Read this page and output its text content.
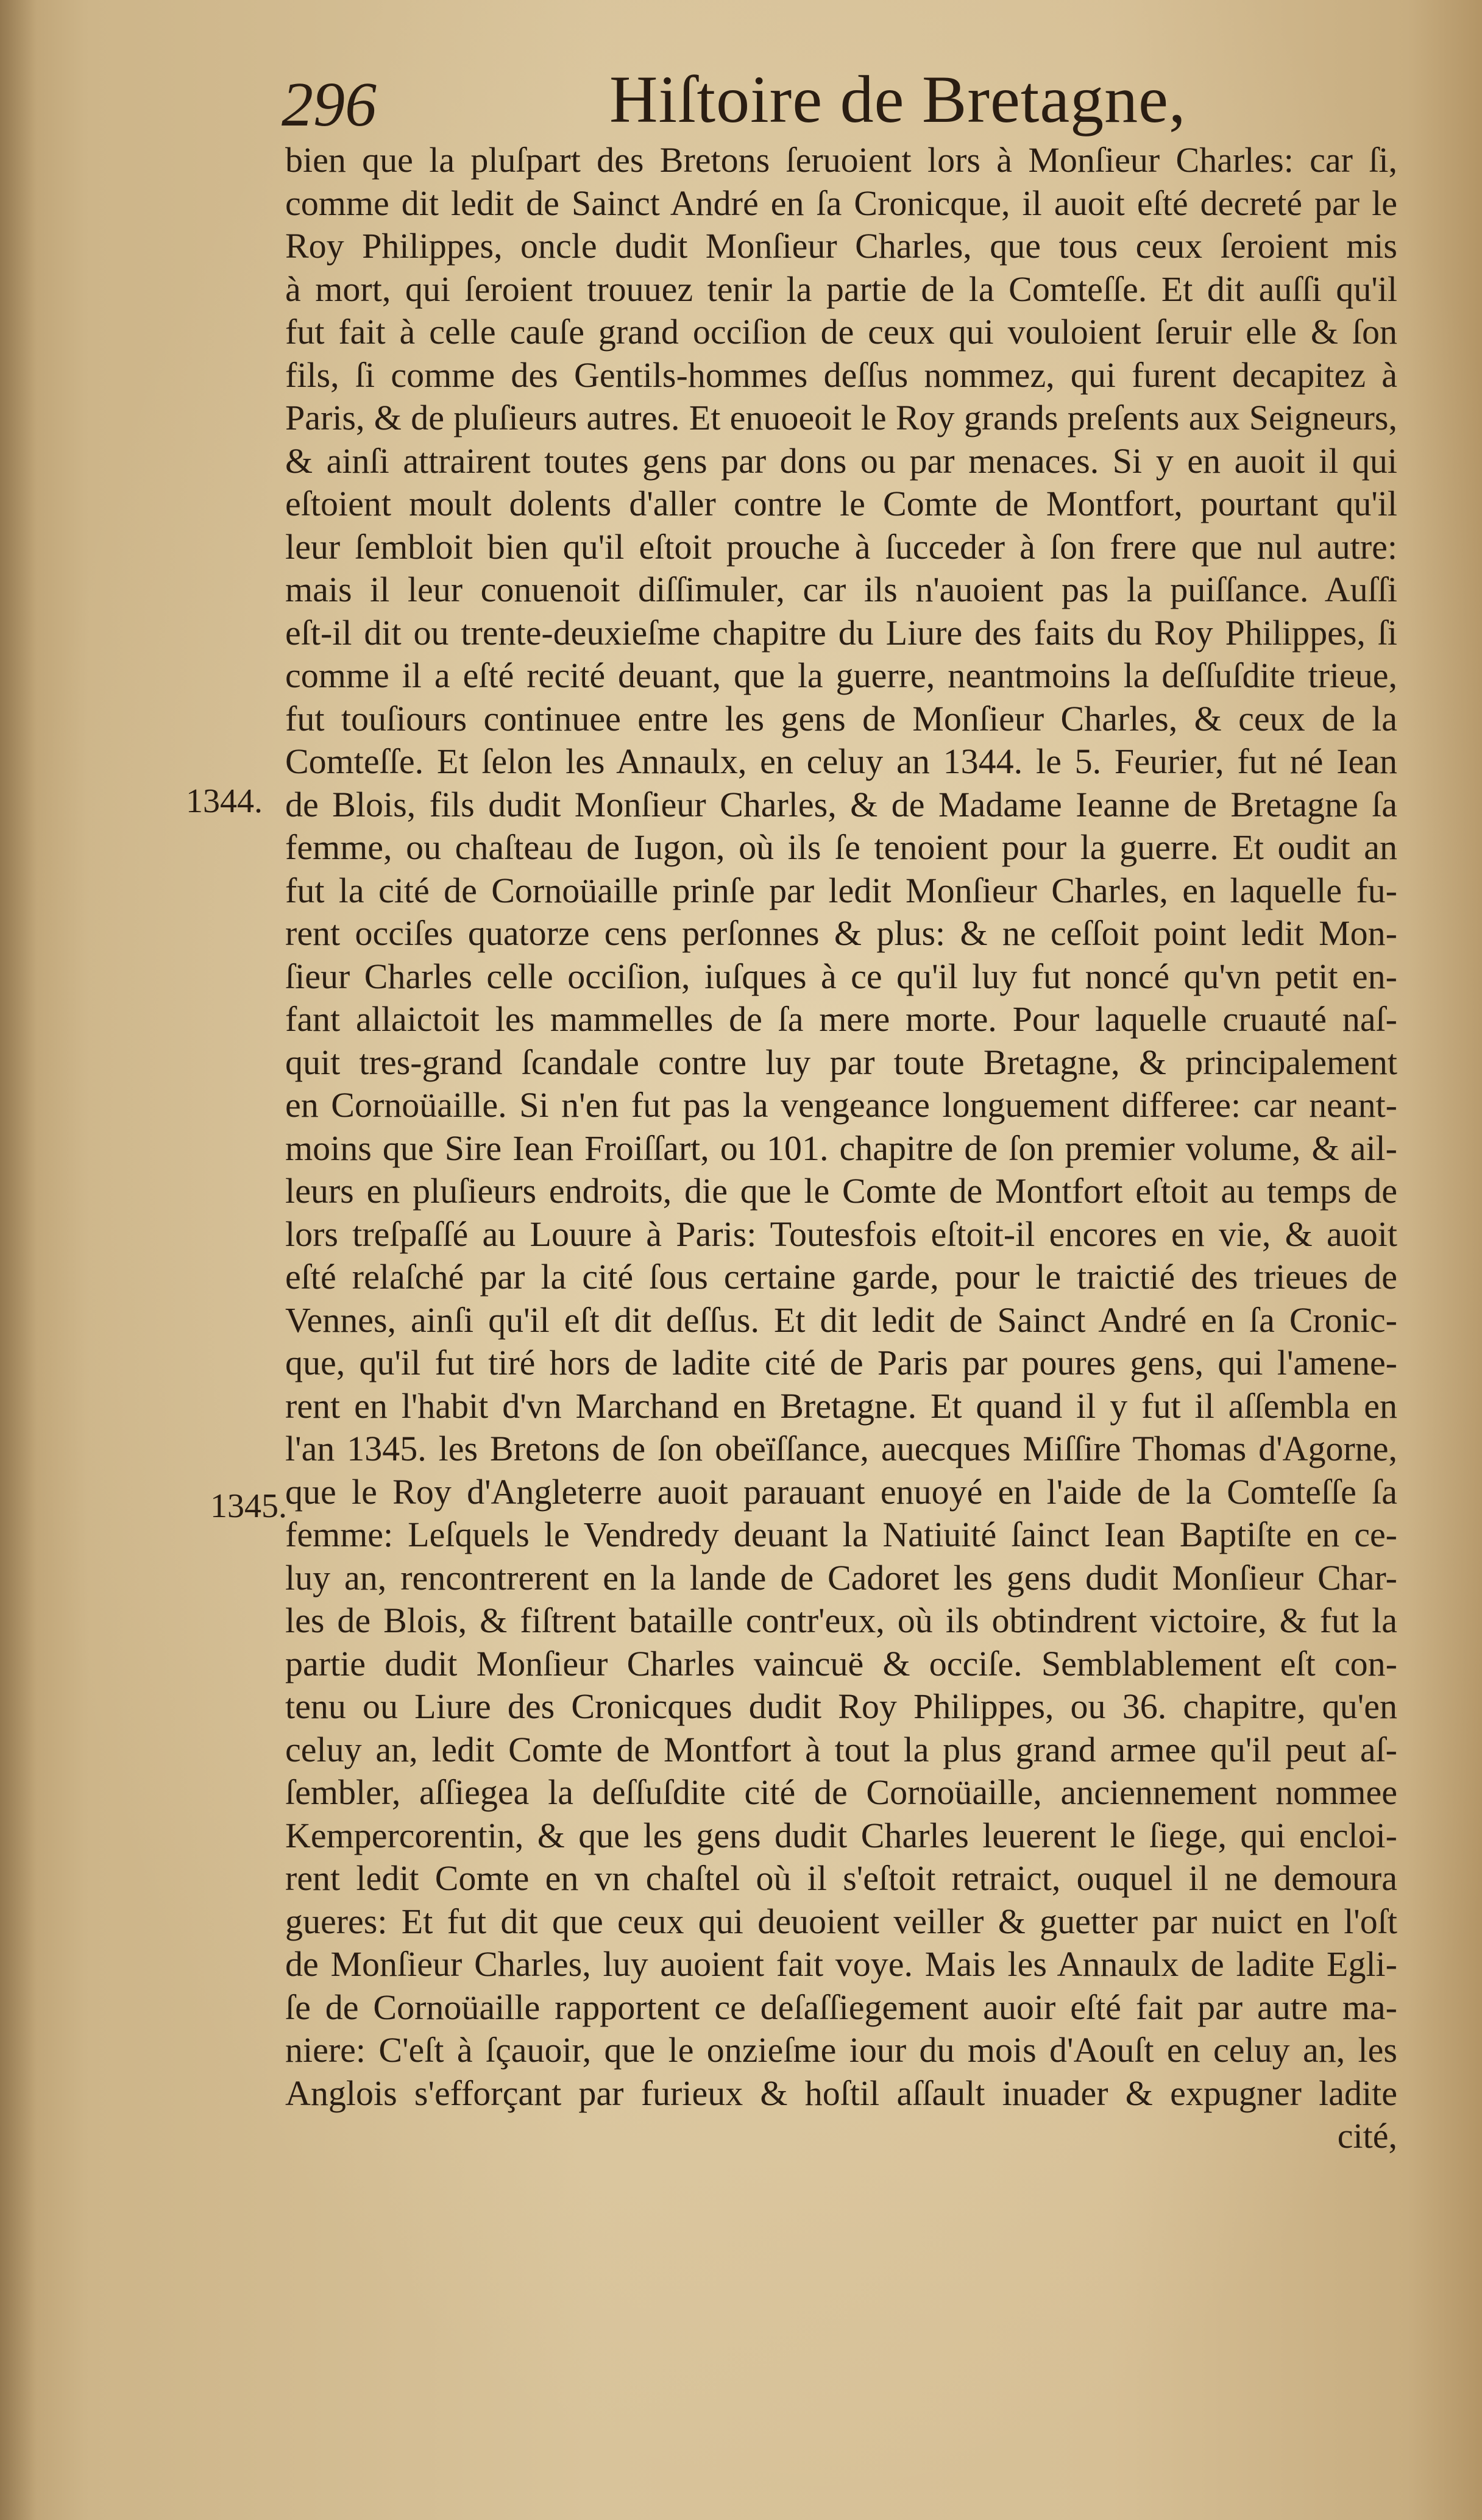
296	Hiſtoire de Bretagne,
1344.
1345.
bien que la pluſpart des Bretons ſeruoient lors à Monſieur Charles: car ſi,
comme dit ledit de Sainct André en ſa Cronicque, il auoit eſté decreté par le
Roy Philippes, oncle dudit Monſieur Charles, que tous ceux ſeroient mis
à mort, qui ſeroient trouuez tenir la partie de la Comteſſe. Et dit auſſi qu'il
fut fait à celle cauſe grand occiſion de ceux qui vouloient ſeruir elle & ſon
fils, ſi comme des Gentils-hommes deſſus nommez, qui furent decapitez à
Paris, & de pluſieurs autres. Et enuoeoit le Roy grands preſents aux Seigneurs,
& ainſi attrairent toutes gens par dons ou par menaces. Si y en auoit il qui
eſtoient moult dolents d'aller contre le Comte de Montfort, pourtant qu'il
leur ſembloit bien qu'il eſtoit prouche à ſucceder à ſon frere que nul autre:
mais il leur conuenoit diſſimuler, car ils n'auoient pas la puiſſance. Auſſi
eſt-il dit ou trente-deuxieſme chapitre du Liure des faits du Roy Philippes, ſi
comme il a eſté recité deuant, que la guerre, neantmoins la deſſuſdite trieue,
fut touſiours continuee entre les gens de Monſieur Charles, & ceux de la
Comteſſe. Et ſelon les Annaulx, en celuy an 1344. le 5. Feurier, fut né Iean
de Blois, fils dudit Monſieur Charles, & de Madame Ieanne de Bretagne ſa
femme, ou chaſteau de Iugon, où ils ſe tenoient pour la guerre. Et oudit an
fut la cité de Cornoüaille prinſe par ledit Monſieur Charles, en laquelle fu-
rent occiſes quatorze cens perſonnes & plus: & ne ceſſoit point ledit Mon-
ſieur Charles celle occiſion, iuſques à ce qu'il luy fut noncé qu'vn petit en-
fant allaictoit les mammelles de ſa mere morte. Pour laquelle cruauté naſ-
quit tres-grand ſcandale contre luy par toute Bretagne, & principalement
en Cornoüaille. Si n'en fut pas la vengeance longuement differee: car neant-
moins que Sire Iean Froiſſart, ou 101. chapitre de ſon premier volume, & ail-
leurs en pluſieurs endroits, die que le Comte de Montfort eſtoit au temps de
lors treſpaſſé au Louure à Paris: Toutesfois eſtoit-il encores en vie, & auoit
eſté relaſché par la cité ſous certaine garde, pour le traictié des trieues de
Vennes, ainſi qu'il eſt dit deſſus. Et dit ledit de Sainct André en ſa Cronic-
que, qu'il fut tiré hors de ladite cité de Paris par poures gens, qui l'amene-
rent en l'habit d'vn Marchand en Bretagne. Et quand il y fut il aſſembla en
l'an 1345. les Bretons de ſon obeïſſance, auecques Miſſire Thomas d'Agorne,
que le Roy d'Angleterre auoit parauant enuoyé en l'aide de la Comteſſe ſa
femme: Leſquels le Vendredy deuant la Natiuité ſainct Iean Baptiſte en ce-
luy an, rencontrerent en la lande de Cadoret les gens dudit Monſieur Char-
les de Blois, & fiſtrent bataille contr'eux, où ils obtindrent victoire, & fut la
partie dudit Monſieur Charles vaincuë & occiſe. Semblablement eſt con-
tenu ou Liure des Cronicques dudit Roy Philippes, ou 36. chapitre, qu'en
celuy an, ledit Comte de Montfort à tout la plus grand armee qu'il peut aſ-
ſembler, aſſiegea la deſſuſdite cité de Cornoüaille, anciennement nommee
Kempercorentin, & que les gens dudit Charles leuerent le ſiege, qui encloi-
rent ledit Comte en vn chaſtel où il s'eſtoit retraict, ouquel il ne demoura
gueres: Et fut dit que ceux qui deuoient veiller & guetter par nuict en l'oſt
de Monſieur Charles, luy auoient fait voye. Mais les Annaulx de ladite Egli-
ſe de Cornoüaille rapportent ce deſaſſiegement auoir eſté fait par autre ma-
niere: C'eſt à ſçauoir, que le onzieſme iour du mois d'Aouſt en celuy an, les
Anglois s'efforçant par furieux & hoſtil aſſault inuader & expugner ladite
cité,
